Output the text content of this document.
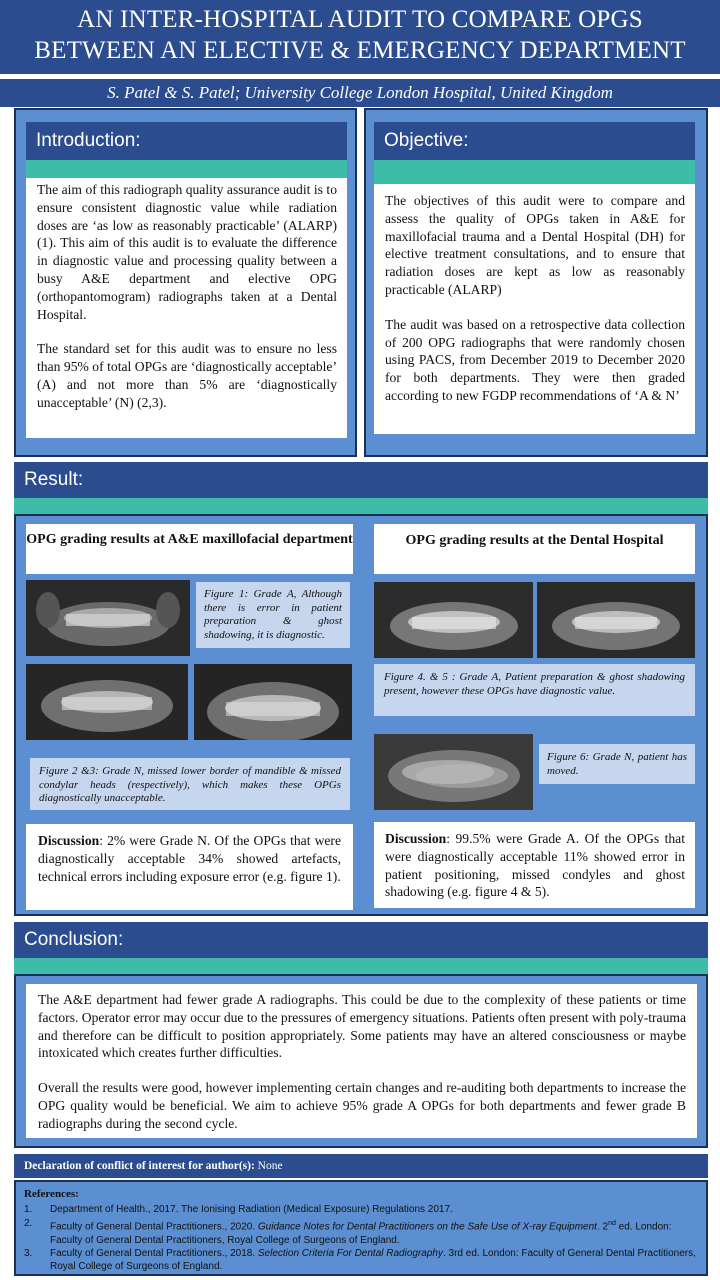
AN INTER-HOSPITAL AUDIT TO COMPARE OPGS
BETWEEN AN ELECTIVE & EMERGENCY DEPARTMENT
S. Patel & S. Patel; University College London Hospital, United Kingdom
Introduction:

The aim of this radiograph quality assurance audit is to ensure consistent diagnostic value while radiation doses are ‘as low as reasonably practicable’ (ALARP) (1). This aim of this audit is to evaluate the difference in diagnostic value and processing quality between a busy A&E department and elective OPG (orthopantomogram) radiographs taken at a Dental Hospital.

The standard set for this audit was to ensure no less than 95% of total OPGs are ‘diagnostically acceptable’ (A) and not more than 5% are ‘diagnostically unacceptable’ (N) (2,3).

Objective:

The objectives of this audit were to compare and assess the quality of OPGs taken in A&E for maxillofacial trauma and a Dental Hospital (DH) for elective treatment consultations, and to ensure that radiation doses are kept as low as reasonably practicable (ALARP)

The audit was based on a retrospective data collection of 200 OPG radiographs that were randomly chosen using PACS, from December 2019 to December 2020 for both departments. They were then graded according to new FGDP recommendations of ‘A & N’

Result:
OPG grading results at A&E maxillofacial department
Figure 1: Grade A, Although there is error in patient preparation & ghost shadowing, it is diagnostic.
Figure 2 &3: Grade N, missed lower border of mandible & missed condylar heads (respectively), which makes these OPGs diagnostically unacceptable.
Discussion: 2% were Grade N. Of the OPGs that were diagnostically acceptable 34% showed artefacts, technical errors including exposure error (e.g. figure 1).
OPG grading results at the Dental Hospital
Figure 4. & 5 : Grade A, Patient preparation & ghost shadowing present, however these OPGs have diagnostic value.
Figure 6: Grade N, patient has moved.
Discussion: 99.5% were Grade A. Of the OPGs that were diagnostically acceptable 11% showed error in patient positioning, missed condyles and ghost shadowing (e.g. figure 4 & 5).
Conclusion:

The A&E department had fewer grade A radiographs. This could be due to the complexity of these patients or time factors. Operator error may occur due to the pressures of emergency situations. Patients often present with poly-trauma and therefore can be difficult to position appropriately. Some patients may have an altered consciousness or maybe intoxicated which creates further difficulties.

Overall the results were good, however implementing certain changes and re-auditing both departments to increase the OPG quality would be beneficial. We aim to achieve 95% grade A OPGs for both departments and fewer grade B radiographs during the second cycle.

Declaration of conflict of interest for author(s): None
References:
1. Department of Health., 2017. The Ionising Radiation (Medical Exposure) Regulations 2017.
2. Faculty of General Dental Practitioners., 2020. Guidance Notes for Dental Practitioners on the Safe Use of X-ray Equipment. 2nd ed. London: Faculty of General Dental Practitioners, Royal College of Surgeons of England.
3. Faculty of General Dental Practitioners., 2018. Selection Criteria For Dental Radiography. 3rd ed. London: Faculty of General Dental Practitioners, Royal College of Surgeons of England.
